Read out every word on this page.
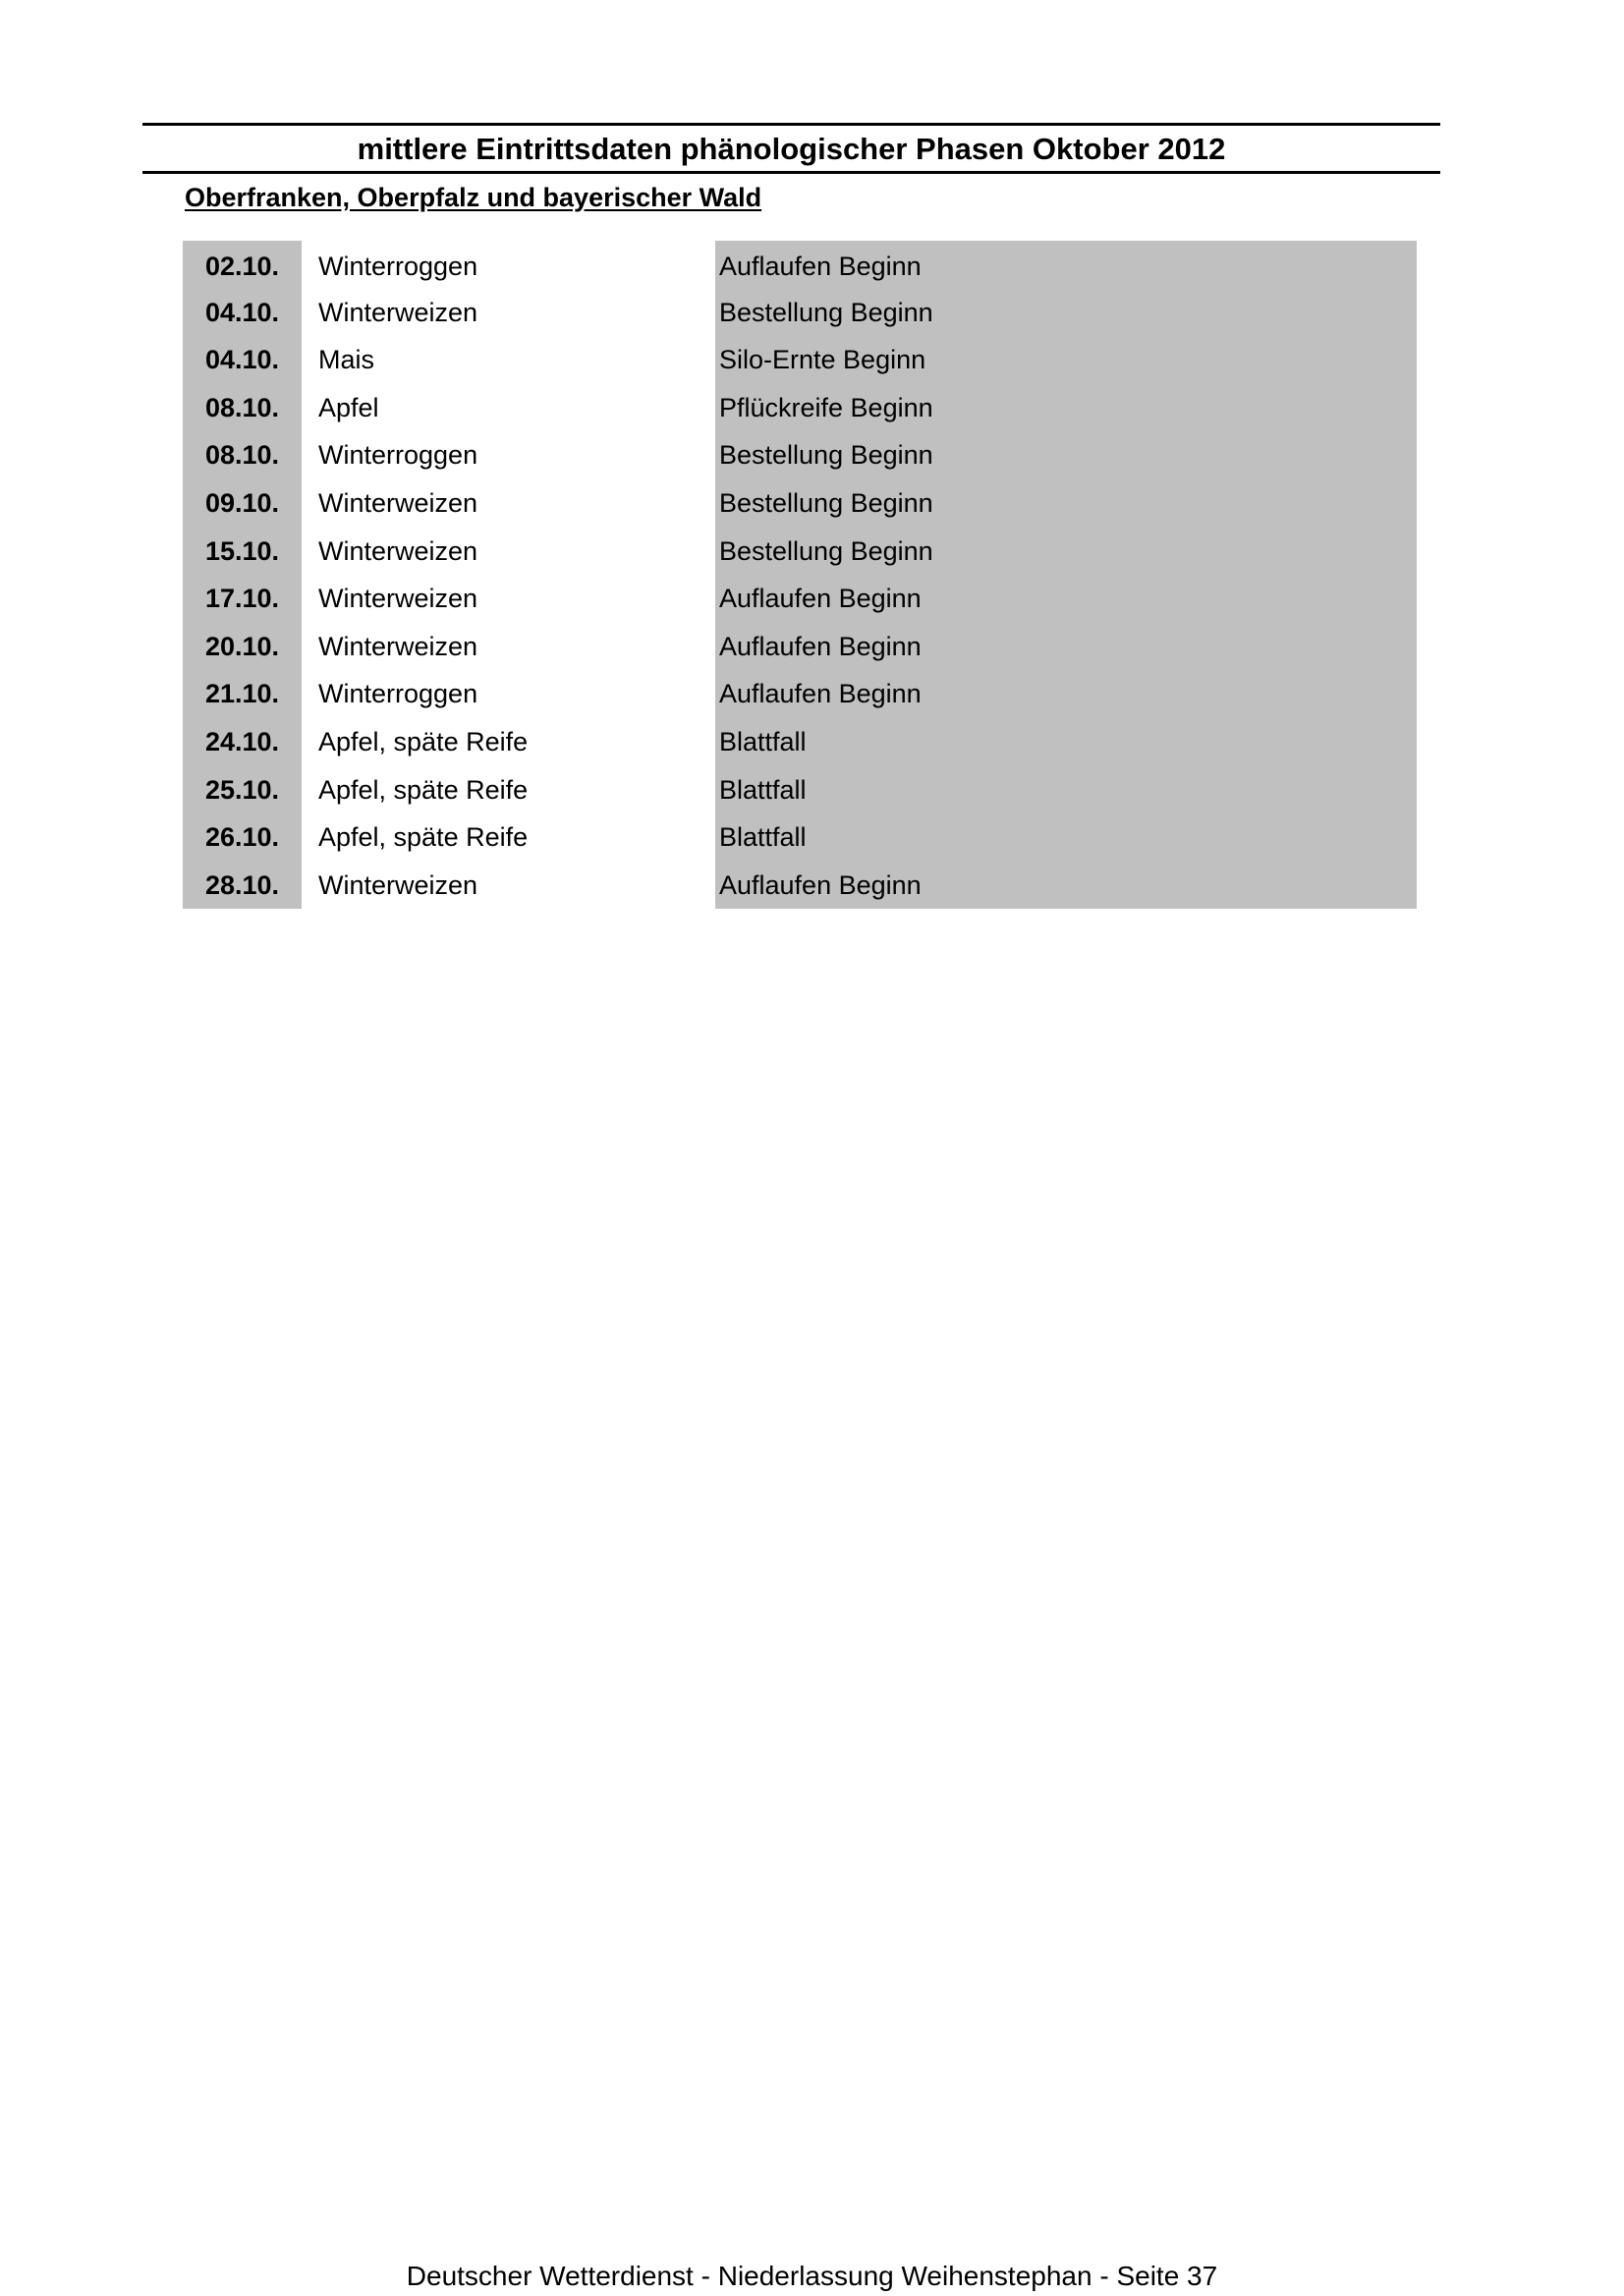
mittlere Eintrittsdaten phänologischer Phasen Oktober 2012
Oberfranken, Oberpfalz und bayerischer Wald
02.10.	Winterroggen	Auflaufen Beginn
04.10.	Winterweizen	Bestellung Beginn
04.10.	Mais	Silo-Ernte Beginn
08.10.	Apfel	Pflückreife Beginn
08.10.	Winterroggen	Bestellung Beginn
09.10.	Winterweizen	Bestellung Beginn
15.10.	Winterweizen	Bestellung Beginn
17.10.	Winterweizen	Auflaufen Beginn
20.10.	Winterweizen	Auflaufen Beginn
21.10.	Winterroggen	Auflaufen Beginn
24.10.	Apfel, späte Reife	Blattfall
25.10.	Apfel, späte Reife	Blattfall
26.10.	Apfel, späte Reife	Blattfall
28.10.	Winterweizen	Auflaufen Beginn
Deutscher Wetterdienst - Niederlassung Weihenstephan - Seite 37
